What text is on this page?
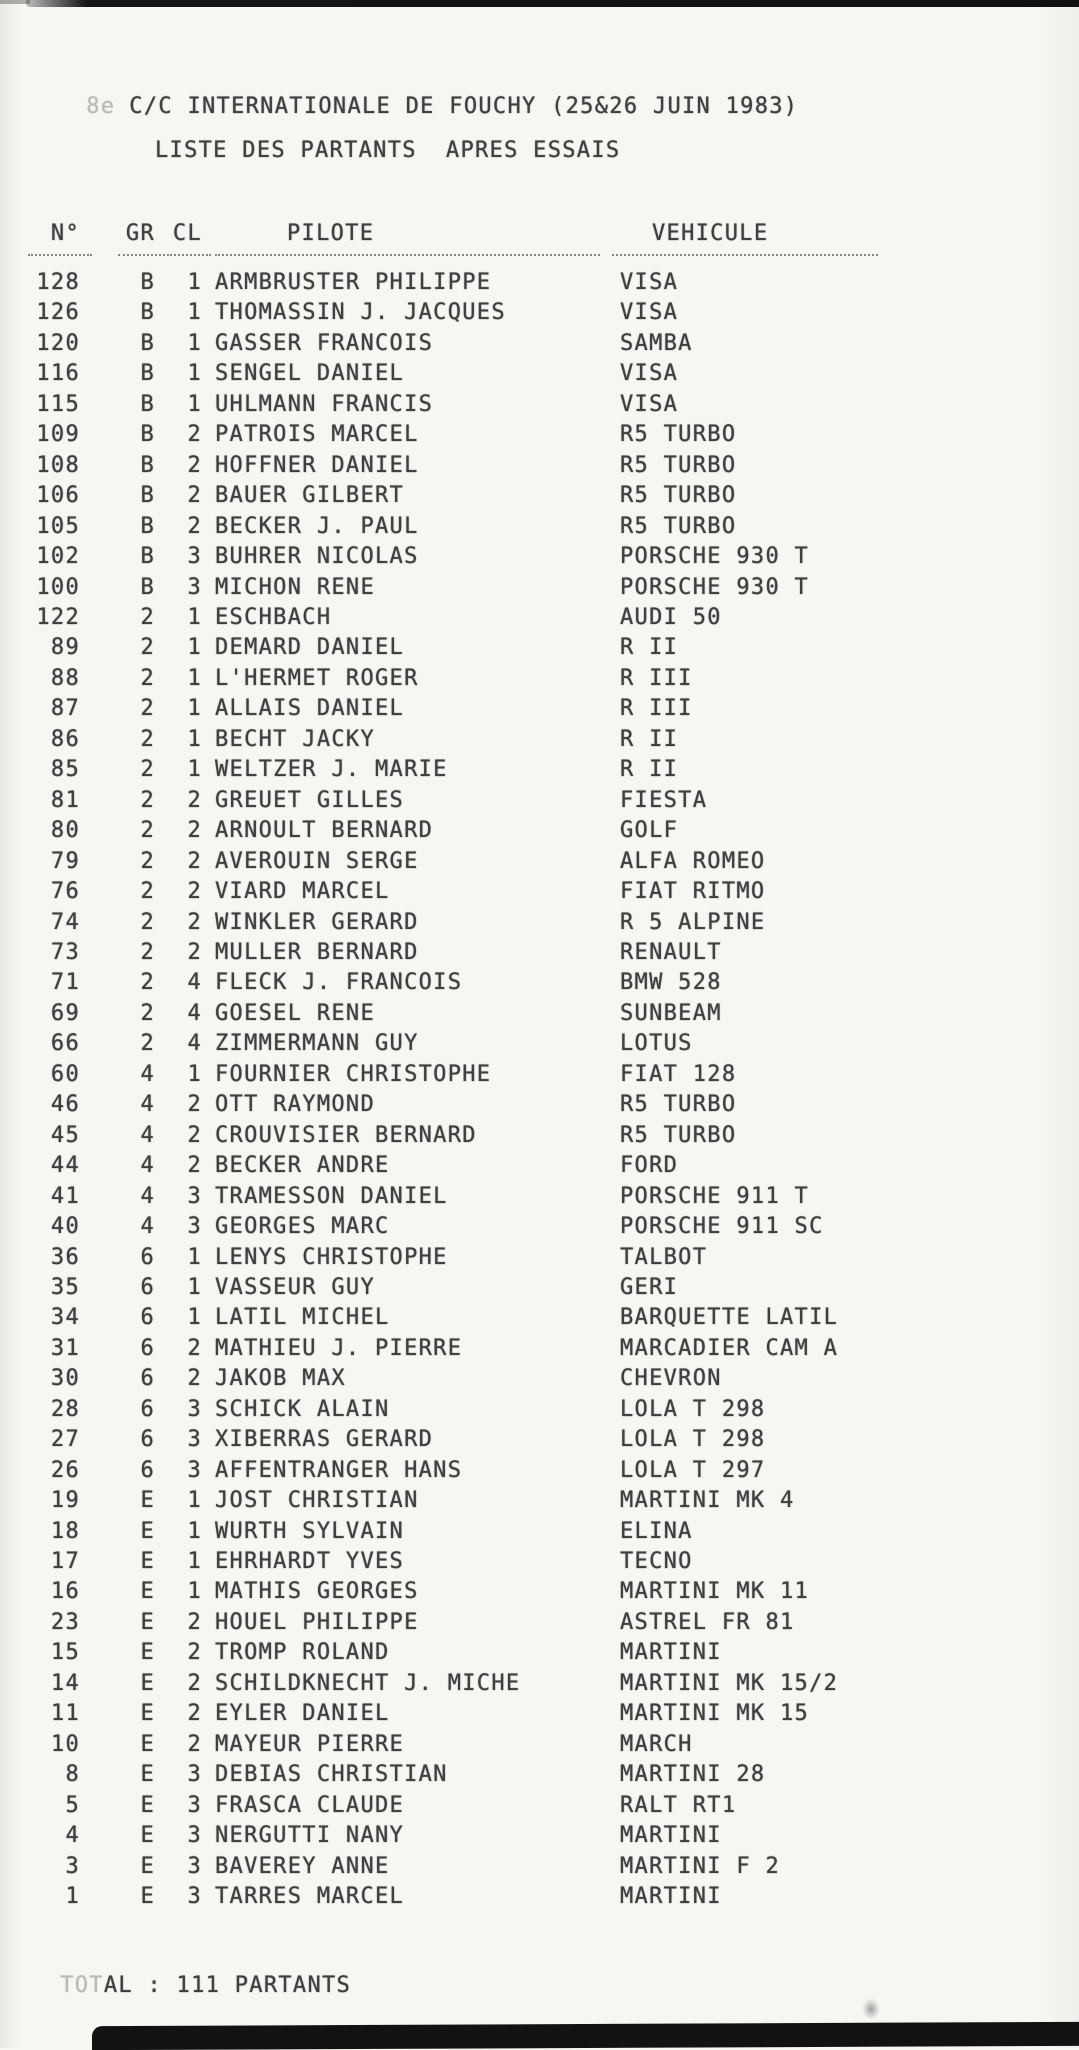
8e C/C INTERNATIONALE DE FOUCHY (25&26 JUIN 1983)

LISTE DES PARTANTS  APRES ESSAIS
N°	GR CL	PILOTE	VEHICULE
128	B	1 ARMBRUSTER PHILIPPE	VISA
126	B	1 THOMASSIN J. JACQUES	VISA
120	B	1 GASSER FRANCOIS	SAMBA
116	B	1 SENGEL DANIEL	VISA
115	B	1 UHLMANN FRANCIS	VISA
109	B	2 PATROIS MARCEL	R5 TURBO
108	B	2 HOFFNER DANIEL	R5 TURBO
106	B	2 BAUER GILBERT	R5 TURBO
105	B	2 BECKER J. PAUL	R5 TURBO
102	B	3 BUHRER NICOLAS	PORSCHE 930 T
100	B	3 MICHON RENE	PORSCHE 930 T
122	2	1 ESCHBACH	AUDI 50
89	2	1 DEMARD DANIEL	R II
88	2	1 L'HERMET ROGER	R III
87	2	1 ALLAIS DANIEL	R III
86	2	1 BECHT JACKY	R II
85	2	1 WELTZER J. MARIE	R II
81	2	2 GREUET GILLES	FIESTA
80	2	2 ARNOULT BERNARD	GOLF
79	2	2 AVEROUIN SERGE	ALFA ROMEO
76	2	2 VIARD MARCEL	FIAT RITMO
74	2	2 WINKLER GERARD	R 5 ALPINE
73	2	2 MULLER BERNARD	RENAULT
71	2	4 FLECK J. FRANCOIS	BMW 528
69	2	4 GOESEL RENE	SUNBEAM
66	2	4 ZIMMERMANN GUY	LOTUS
60	4	1 FOURNIER CHRISTOPHE	FIAT 128
46	4	2 OTT RAYMOND	R5 TURBO
45	4	2 CROUVISIER BERNARD	R5 TURBO
44	4	2 BECKER ANDRE	FORD
41	4	3 TRAMESSON DANIEL	PORSCHE 911 T
40	4	3 GEORGES MARC	PORSCHE 911 SC
36	6	1 LENYS CHRISTOPHE	TALBOT
35	6	1 VASSEUR GUY	GERI
34	6	1 LATIL MICHEL	BARQUETTE LATIL
31	6	2 MATHIEU J. PIERRE	MARCADIER CAM A
30	6	2 JAKOB MAX	CHEVRON
28	6	3 SCHICK ALAIN	LOLA T 298
27	6	3 XIBERRAS GERARD	LOLA T 298
26	6	3 AFFENTRANGER HANS	LOLA T 297
19	E	1 JOST CHRISTIAN	MARTINI MK 4
18	E	1 WURTH SYLVAIN	ELINA
17	E	1 EHRHARDT YVES	TECNO
16	E	1 MATHIS GEORGES	MARTINI MK 11
23	E	2 HOUEL PHILIPPE	ASTREL FR 81
15	E	2 TROMP ROLAND	MARTINI
14	E	2 SCHILDKNECHT J. MICHE	MARTINI MK 15/2
11	E	2 EYLER DANIEL	MARTINI MK 15
10	E	2 MAYEUR PIERRE	MARCH
8	E	3 DEBIAS CHRISTIAN	MARTINI 28
5	E	3 FRASCA CLAUDE	RALT RT1
4	E	3 NERGUTTI NANY	MARTINI
3	E	3 BAVEREY ANNE	MARTINI F 2
1	E	3 TARRES MARCEL	MARTINI

TOTAL : 111 PARTANTS
